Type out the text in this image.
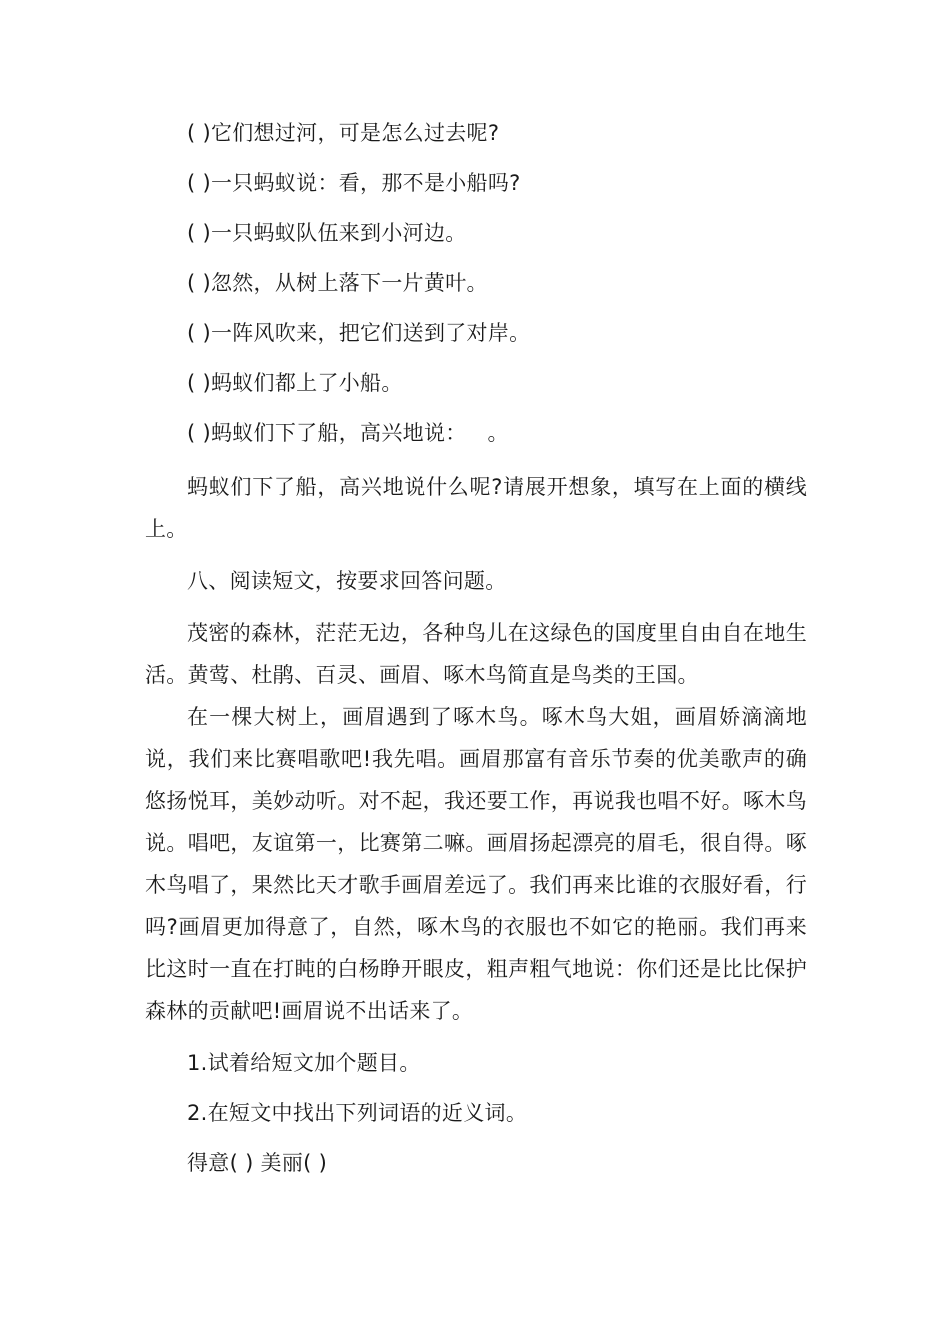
( )它们想过河，可是怎么过去呢?

( )一只蚂蚁说：看，那不是小船吗?

( )一只蚂蚁队伍来到小河边。

( )忽然，从树上落下一片黄叶。

( )一阵风吹来，把它们送到了对岸。

( )蚂蚁们都上了小船。

( )蚂蚁们下了船，高兴地说：   。

蚂蚁们下了船，高兴地说什么呢?请展开想象，填写在上面的横线上。

八、阅读短文，按要求回答问题。

茂密的森林，茫茫无边，各种鸟儿在这绿色的国度里自由自在地生活。黄莺、杜鹃、百灵、画眉、啄木鸟简直是鸟类的王国。

在一棵大树上，画眉遇到了啄木鸟。啄木鸟大姐，画眉娇滴滴地说，我们来比赛唱歌吧!我先唱。画眉那富有音乐节奏的优美歌声的确悠扬悦耳，美妙动听。对不起，我还要工作，再说我也唱不好。啄木鸟说。唱吧，友谊第一，比赛第二嘛。画眉扬起漂亮的眉毛，很自得。啄木鸟唱了，果然比天才歌手画眉差远了。我们再来比谁的衣服好看，行吗?画眉更加得意了，自然，啄木鸟的衣服也不如它的艳丽。我们再来比这时一直在打盹的白杨睁开眼皮，粗声粗气地说：你们还是比比保护森林的贡献吧!画眉说不出话来了。

1.试着给短文加个题目。

2.在短文中找出下列词语的近义词。

得意( ) 美丽( )
